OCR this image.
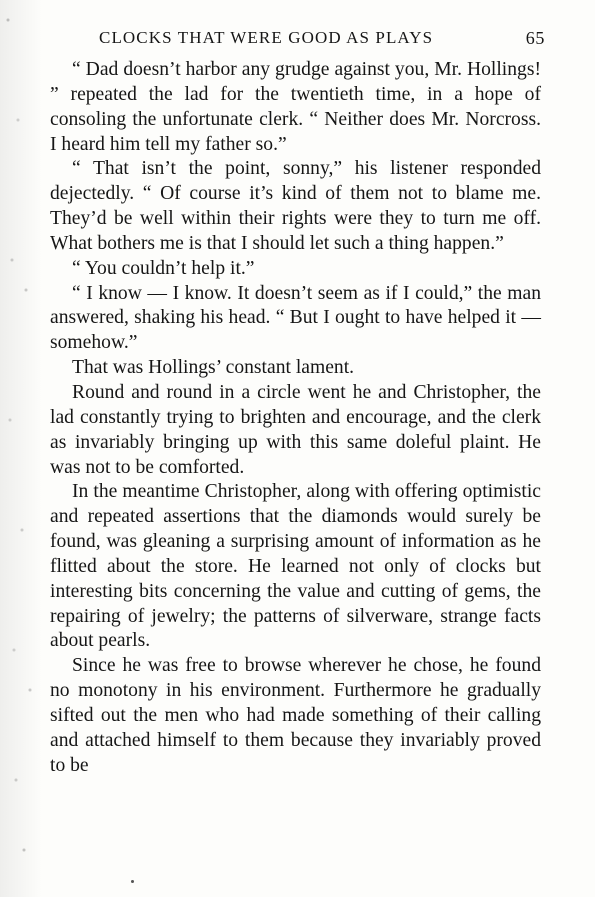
CLOCKS THAT WERE GOOD AS PLAYS	65

“ Dad doesn’t harbor any grudge against you, Mr. Hollings! ” repeated the lad for the twentieth time, in a hope of consoling the unfortunate clerk. “ Neither does Mr. Norcross. I heard him tell my father so.”

“ That isn’t the point, sonny,” his listener responded dejectedly. “ Of course it’s kind of them not to blame me. They’d be well within their rights were they to turn me off. What bothers me is that I should let such a thing happen.”

“ You couldn’t help it.”

“ I know — I know. It doesn’t seem as if I could,” the man answered, shaking his head. “ But I ought to have helped it — somehow.”

That was Hollings’ constant lament.

Round and round in a circle went he and Christopher, the lad constantly trying to brighten and encourage, and the clerk as invariably bringing up with this same doleful plaint. He was not to be comforted.

In the meantime Christopher, along with offering optimistic and repeated assertions that the diamonds would surely be found, was gleaning a surprising amount of information as he flitted about the store. He learned not only of clocks but interesting bits concerning the value and cutting of gems, the repairing of jewelry; the patterns of silverware, strange facts about pearls.

Since he was free to browse wherever he chose, he found no monotony in his environment. Furthermore he gradually sifted out the men who had made something of their calling and attached himself to them because they invariably proved to be
